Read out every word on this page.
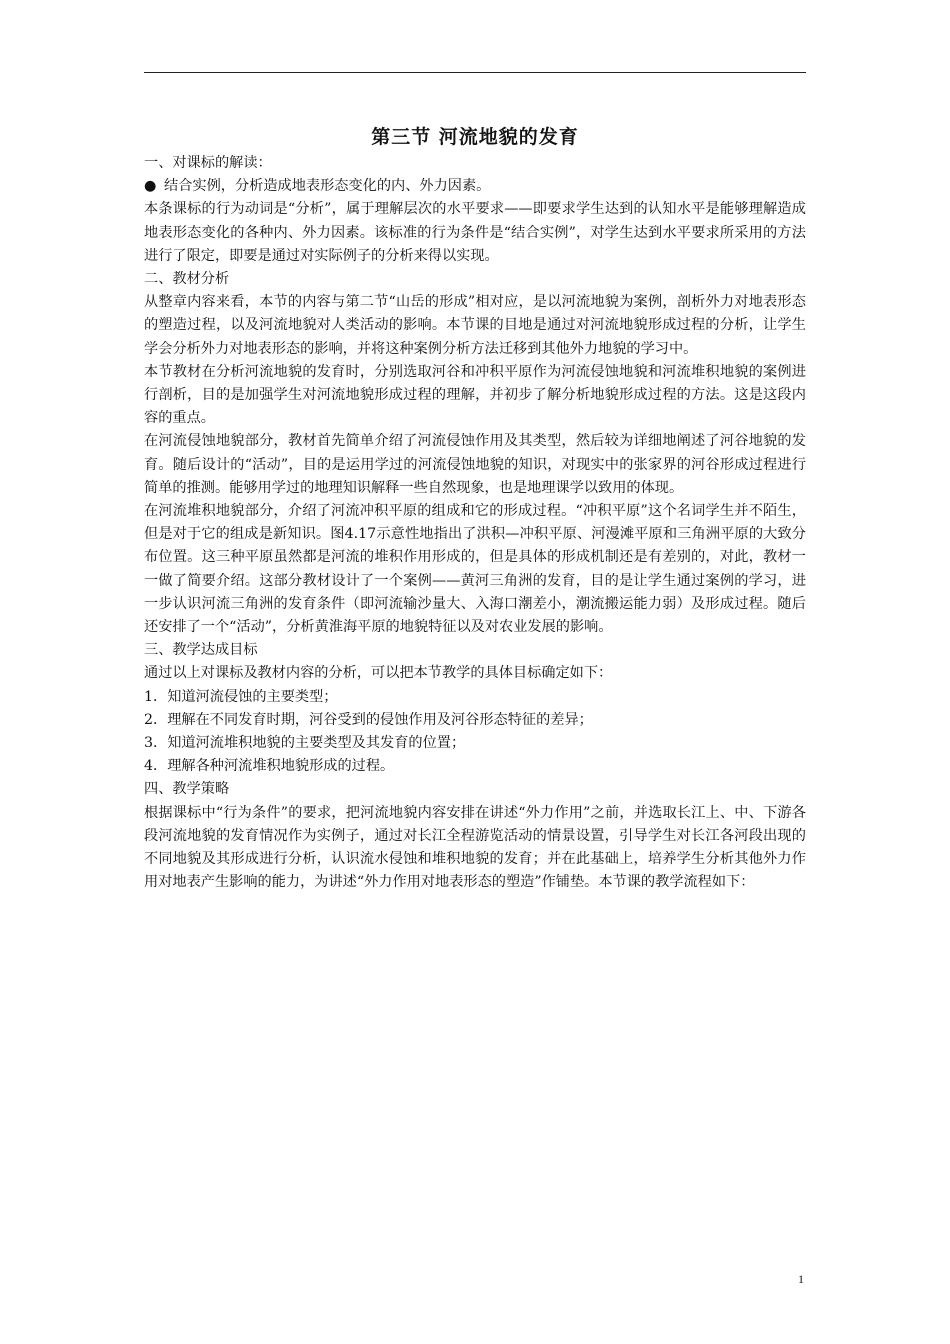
第三节 河流地貌的发育

一、对课标的解读：

● 结合实例，分析造成地表形态变化的内、外力因素。

本条课标的行为动词是“分析”，属于理解层次的水平要求——即要求学生达到的认知水平是能够理解造成地表形态变化的各种内、外力因素。该标准的行为条件是“结合实例”，对学生达到水平要求所采用的方法进行了限定，即要是通过对实际例子的分析来得以实现。

二、教材分析

从整章内容来看，本节的内容与第二节“山岳的形成”相对应，是以河流地貌为案例，剖析外力对地表形态的塑造过程，以及河流地貌对人类活动的影响。本节课的目地是通过对河流地貌形成过程的分析，让学生学会分析外力对地表形态的影响，并将这种案例分析方法迁移到其他外力地貌的学习中。

本节教材在分析河流地貌的发育时，分别选取河谷和冲积平原作为河流侵蚀地貌和河流堆积地貌的案例进行剖析，目的是加强学生对河流地貌形成过程的理解，并初步了解分析地貌形成过程的方法。这是这段内容的重点。

在河流侵蚀地貌部分，教材首先简单介绍了河流侵蚀作用及其类型，然后较为详细地阐述了河谷地貌的发育。随后设计的“活动”，目的是运用学过的河流侵蚀地貌的知识，对现实中的张家界的河谷形成过程进行简单的推测。能够用学过的地理知识解释一些自然现象，也是地理课学以致用的体现。

在河流堆积地貌部分，介绍了河流冲积平原的组成和它的形成过程。“冲积平原”这个名词学生并不陌生，但是对于它的组成是新知识。图4.17示意性地指出了洪积—冲积平原、河漫滩平原和三角洲平原的大致分布位置。这三种平原虽然都是河流的堆积作用形成的，但是具体的形成机制还是有差别的，对此，教材一一做了简要介绍。这部分教材设计了一个案例——黄河三角洲的发育，目的是让学生通过案例的学习，进一步认识河流三角洲的发育条件（即河流输沙量大、入海口潮差小，潮流搬运能力弱）及形成过程。随后还安排了一个“活动”，分析黄淮海平原的地貌特征以及对农业发展的影响。

三、教学达成目标

通过以上对课标及教材内容的分析，可以把本节教学的具体目标确定如下：

1．知道河流侵蚀的主要类型；

2．理解在不同发育时期，河谷受到的侵蚀作用及河谷形态特征的差异；

3．知道河流堆积地貌的主要类型及其发育的位置；

4．理解各种河流堆积地貌形成的过程。

四、教学策略

根据课标中“行为条件”的要求，把河流地貌内容安排在讲述“外力作用”之前，并选取长江上、中、下游各段河流地貌的发育情况作为实例子，通过对长江全程游览活动的情景设置，引导学生对长江各河段出现的不同地貌及其形成进行分析，认识流水侵蚀和堆积地貌的发育；并在此基础上，培养学生分析其他外力作用对地表产生影响的能力，为讲述“外力作用对地表形态的塑造”作铺垫。本节课的教学流程如下：

1
